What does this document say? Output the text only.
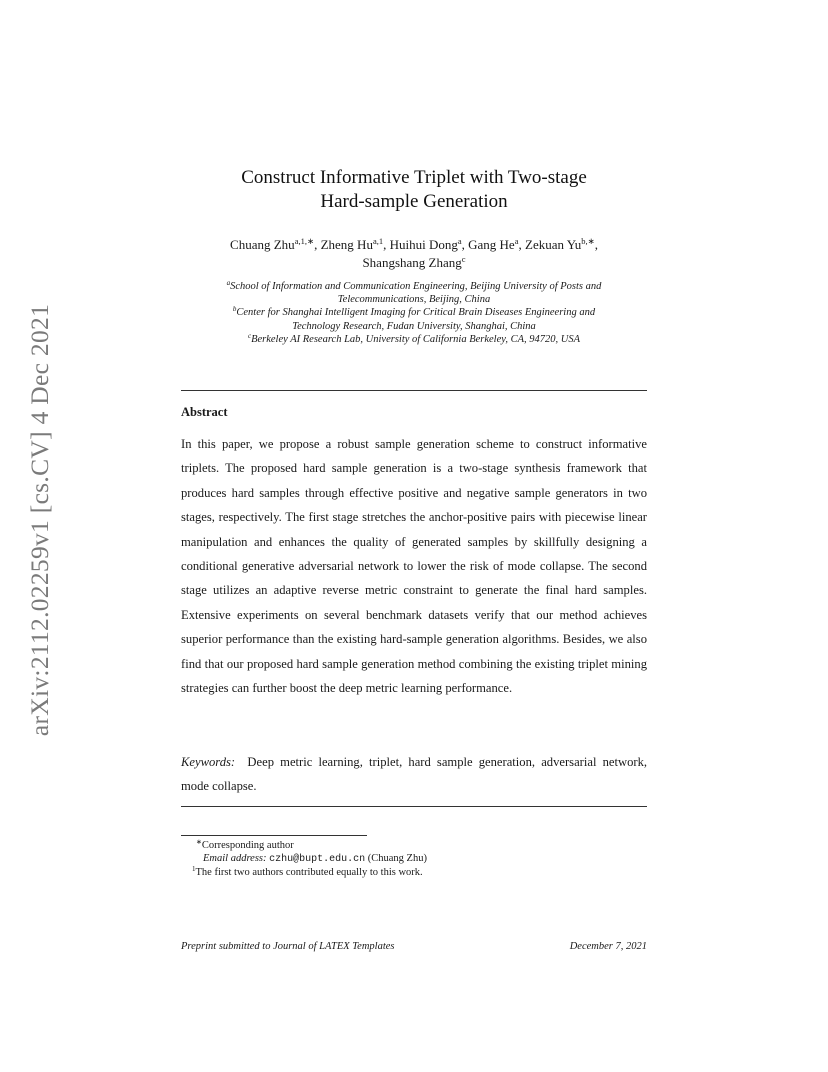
arXiv:2112.02259v1 [cs.CV] 4 Dec 2021
Construct Informative Triplet with Two-stage
Hard-sample Generation
Chuang Zhu$^{a,1,∗}$, Zheng Hu$^{a,1}$, Huihui Dong$^a$, Gang He$^a$, Zekuan $Yu^{b,∗}$,
Shangshang Zhang$^c$
$^a$School of Information and Communication Engineering, Beijing University of Posts and
Telecommunications, Beijing, China
$^b$Center for Shanghai Intelligent Imaging for Critical Brain Diseases Engineering and
Technology Research, Fudan University, Shanghai, China
$^c$Berkeley AI Research Lab, University of California Berkeley, CA, 94720, USA
Abstract
In this paper, we propose a robust sample generation scheme to construct informative triplets. The proposed hard sample generation is a two-stage synthesis framework that produces hard samples through effective positive and negative sample generators in two stages, respectively. The first stage stretches the anchor-positive pairs with piecewise linear manipulation and enhances the quality of generated samples by skillfully designing a conditional generative adversarial network to lower the risk of mode collapse. The second stage utilizes an adaptive reverse metric constraint to generate the final hard samples. Extensive experiments on several benchmark datasets verify that our method achieves superior performance than the existing hard-sample generation algorithms. Besides, we also find that our proposed hard sample generation method combining the existing triplet mining strategies can further boost the deep metric learning performance.
Keywords: Deep metric learning, triplet, hard sample generation, adversarial network, mode collapse.
∗Corresponding author
Email address: czhu@bupt.edu.cn (Chuang Zhu)
$^1$The first two authors contributed equally to this work.
Preprint submitted to Journal of LATEX Templates	December 7, 2021
